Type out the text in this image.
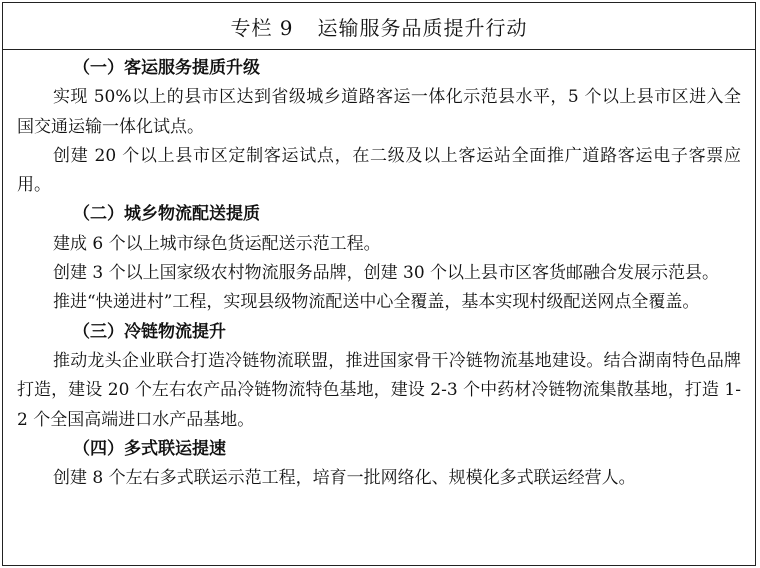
专栏 9 运输服务品质提升行动
（一）客运服务提质升级
实现 50%以上的县市区达到省级城乡道路客运一体化示范县水平，5 个以上县市区进入全国交通运输一体化试点。
创建 20 个以上县市区定制客运试点，在二级及以上客运站全面推广道路客运电子客票应用。
（二）城乡物流配送提质
建成 6 个以上城市绿色货运配送示范工程。
创建 3 个以上国家级农村物流服务品牌，创建 30 个以上县市区客货邮融合发展示范县。
推进“快递进村”工程，实现县级物流配送中心全覆盖，基本实现村级配送网点全覆盖。
（三）冷链物流提升
推动龙头企业联合打造冷链物流联盟，推进国家骨干冷链物流基地建设。结合湖南特色品牌打造，建设 20 个左右农产品冷链物流特色基地，建设 2-3 个中药材冷链物流集散基地，打造 1-2 个全国高端进口水产品基地。
（四）多式联运提速
创建 8 个左右多式联运示范工程，培育一批网络化、规模化多式联运经营人。
